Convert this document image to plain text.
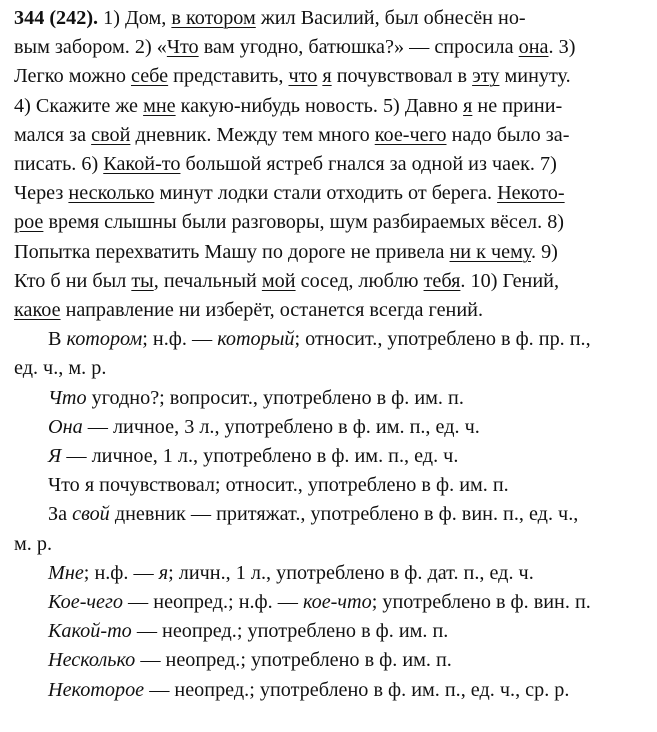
344 (242). 1) Дом, в котором жил Василий, был обнесён но-
вым забором. 2) «Что вам угодно, батюшка?» — спросила она. 3)
Легко можно себе представить, что я почувствовал в эту минуту.
4) Скажите же мне какую-нибудь новость. 5) Давно я не прини-
мался за свой дневник. Между тем много кое-чего надо было за-
писать. 6) Какой-то большой ястреб гнался за одной из чаек. 7)
Через несколько минут лодки стали отходить от берега. Некото-
рое время слышны были разговоры, шум разбираемых вёсел. 8)
Попытка перехватить Машу по дороге не привела ни к чему. 9)
Кто б ни был ты, печальный мой сосед, люблю тебя. 10) Гений,
какое направление ни изберёт, останется всегда гений.
В котором; н.ф. — который; относит., употреблено в ф. пр. п.,
ед. ч., м. р.
Что угодно?; вопросит., употреблено в ф. им. п.
Она — личное, 3 л., употреблено в ф. им. п., ед. ч.
Я — личное, 1 л., употреблено в ф. им. п., ед. ч.
Что я почувствовал; относит., употреблено в ф. им. п.
За свой дневник — притяжат., употреблено в ф. вин. п., ед. ч.,
м. р.
Мне; н.ф. — я; личн., 1 л., употреблено в ф. дат. п., ед. ч.
Кое-чего — неопред.; н.ф. — кое-что; употреблено в ф. вин. п.
Какой-то — неопред.; употреблено в ф. им. п.
Несколько — неопред.; употреблено в ф. им. п.
Некоторое — неопред.; употреблено в ф. им. п., ед. ч., ср. р.
